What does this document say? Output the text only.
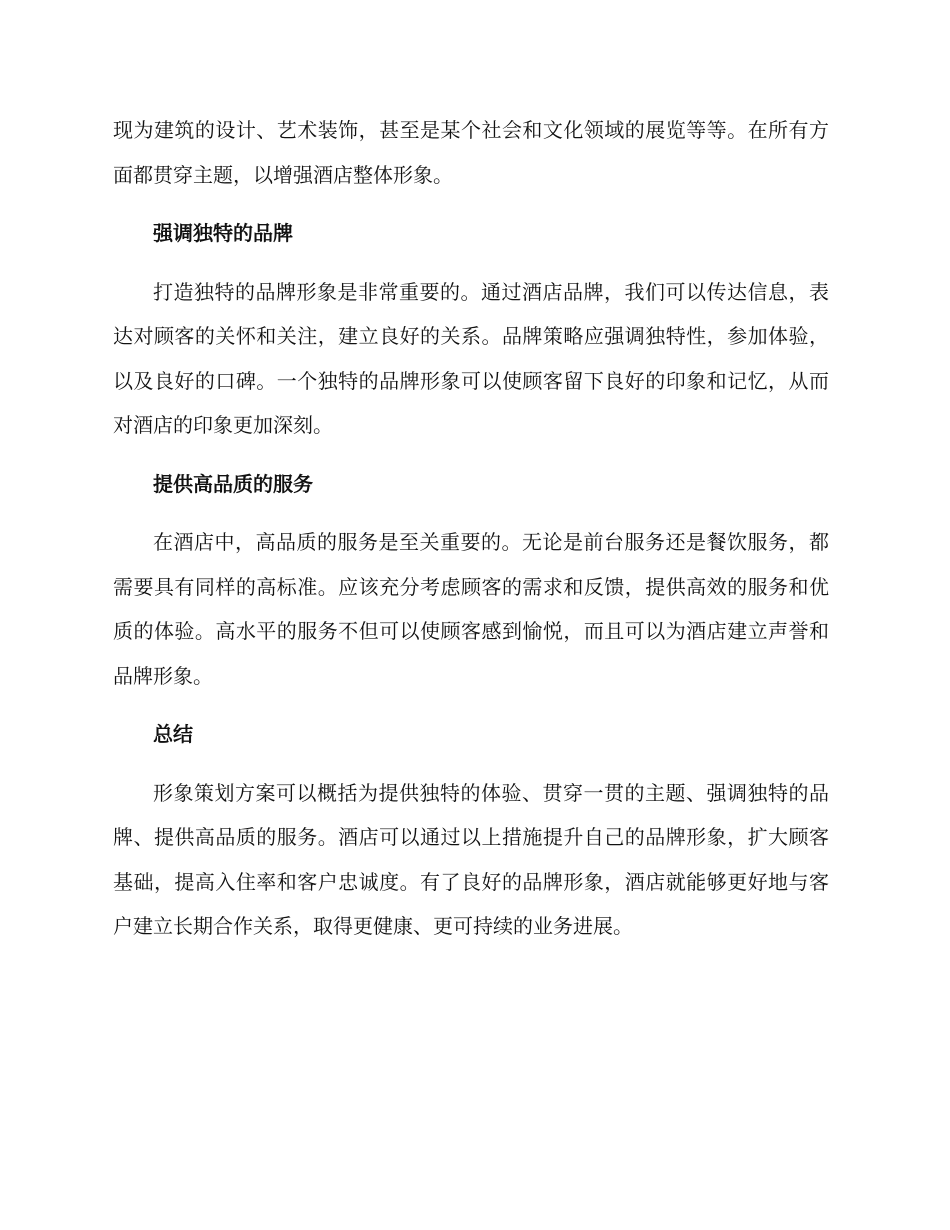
现为建筑的设计、艺术装饰，甚至是某个社会和文化领域的展览等等。在所有方面都贯穿主题，以增强酒店整体形象。

强调独特的品牌

打造独特的品牌形象是非常重要的。通过酒店品牌，我们可以传达信息，表达对顾客的关怀和关注，建立良好的关系。品牌策略应强调独特性，参加体验，以及良好的口碑。一个独特的品牌形象可以使顾客留下良好的印象和记忆，从而对酒店的印象更加深刻。

提供高品质的服务

在酒店中，高品质的服务是至关重要的。无论是前台服务还是餐饮服务，都需要具有同样的高标准。应该充分考虑顾客的需求和反馈，提供高效的服务和优质的体验。高水平的服务不但可以使顾客感到愉悦，而且可以为酒店建立声誉和品牌形象。

总结

形象策划方案可以概括为提供独特的体验、贯穿一贯的主题、强调独特的品牌、提供高品质的服务。酒店可以通过以上措施提升自己的品牌形象，扩大顾客基础，提高入住率和客户忠诚度。有了良好的品牌形象，酒店就能够更好地与客户建立长期合作关系，取得更健康、更可持续的业务进展。
